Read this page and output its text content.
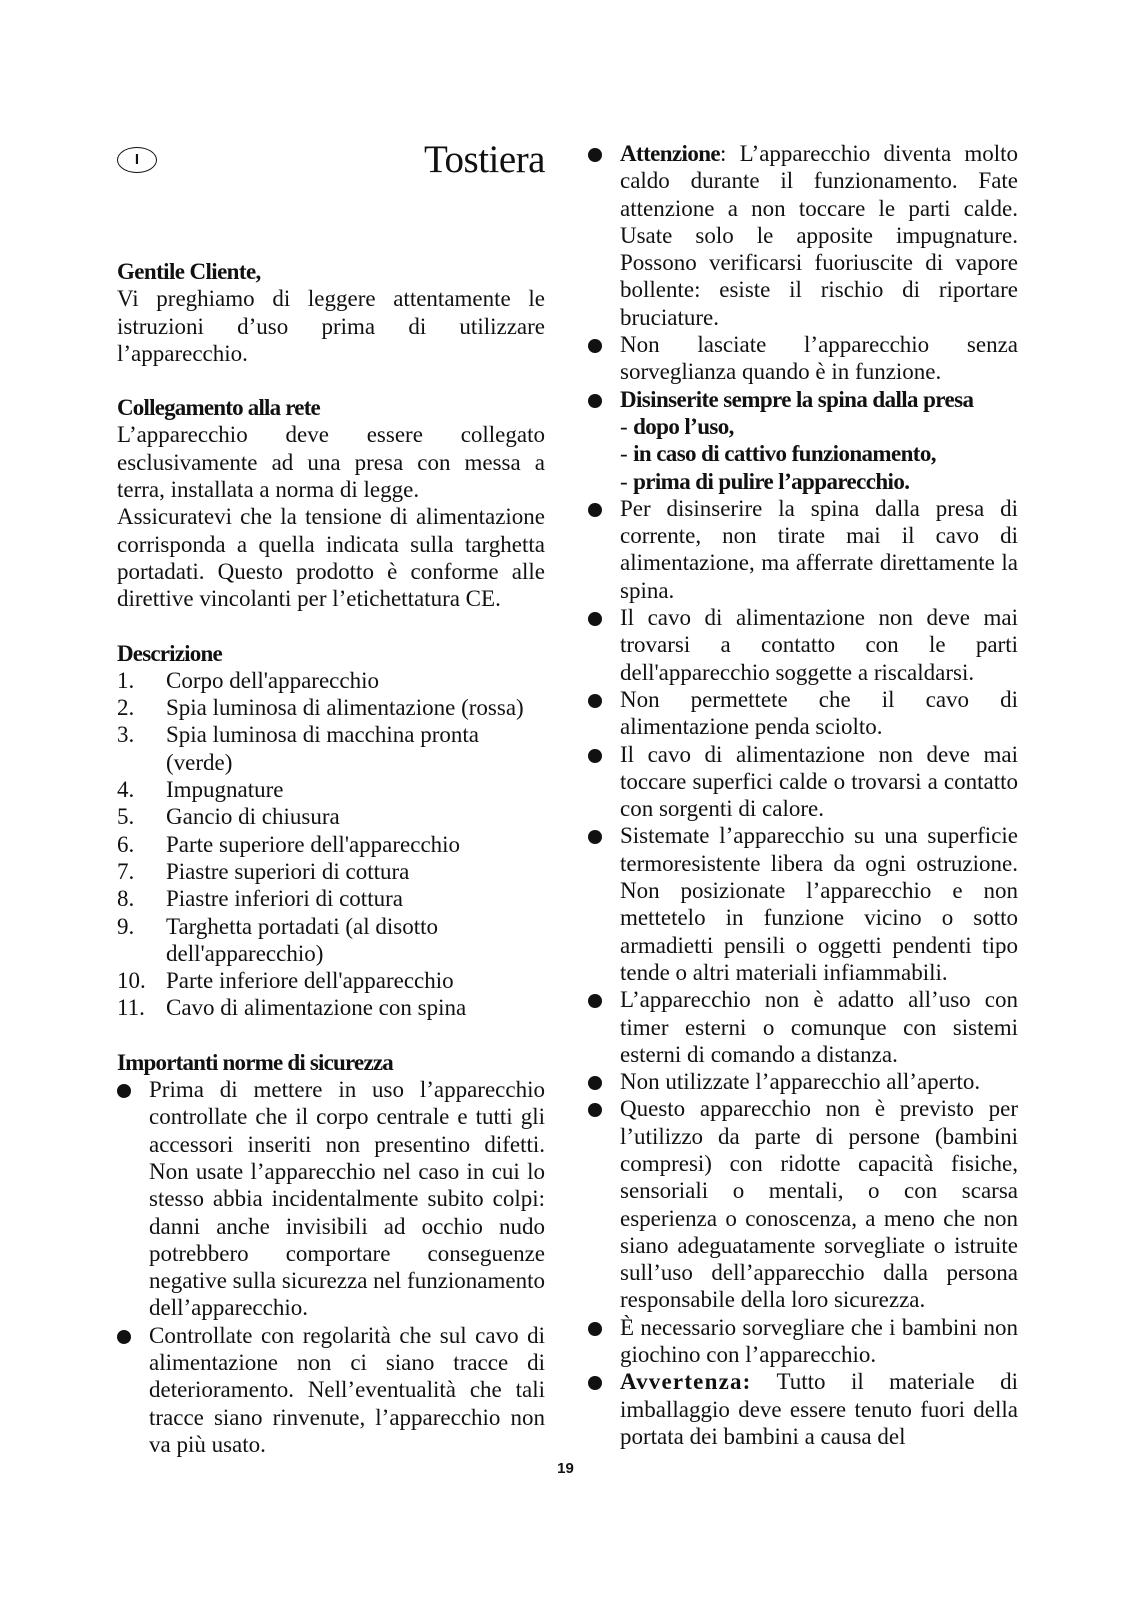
I	Tostiera
Gentile Cliente,

Vi preghiamo di leggere attentamente le istruzioni d’uso prima di utilizzare l’apparecchio.

Collegamento alla rete

L’apparecchio deve essere collegato esclusivamente ad una presa con messa a terra, installata a norma di legge.

Assicuratevi che la tensione di alimentazione corrisponda a quella indicata sulla targhetta portadati. Questo prodotto è conforme alle direttive vincolanti per l’etichettatura CE.

Descrizione
1.	Corpo dell'apparecchio
2.	Spia luminosa di alimentazione (rossa)
3.	Spia luminosa di macchina pronta (verde)
4.	Impugnature
5.	Gancio di chiusura
6.	Parte superiore dell'apparecchio
7.	Piastre superiori di cottura
8.	Piastre inferiori di cottura
9.	Targhetta portadati (al disotto dell'apparecchio)
10. Parte inferiore dell'apparecchio
11. Cavo di alimentazione con spina
Importanti norme di sicurezza
Prima di mettere in uso l’apparecchio controllate che il corpo centrale e tutti gli accessori inseriti non presentino difetti. Non usate l’apparecchio nel caso in cui lo stesso abbia incidentalmente subito colpi: danni anche invisibili ad occhio nudo potrebbero comportare conseguenze negative sulla sicurezza nel funzionamento dell’apparecchio.
Controllate con regolarità che sul cavo di alimentazione non ci siano tracce di deterioramento. Nell’eventualità che tali tracce siano rinvenute, l’apparecchio non va più usato.
Attenzione: L’apparecchio diventa molto caldo durante il funzionamento. Fate attenzione a non toccare le parti calde. Usate solo le apposite impugnature. Possono verificarsi fuoriuscite di vapore bollente: esiste il rischio di riportare bruciature.
Non lasciate l’apparecchio senza sorveglianza quando è in funzione.
Disinserite sempre la spina dalla presa
- dopo l’uso,
- in caso di cattivo funzionamento,
- prima di pulire l’apparecchio.
Per disinserire la spina dalla presa di corrente, non tirate mai il cavo di alimentazione, ma afferrate direttamente la spina.
Il cavo di alimentazione non deve mai trovarsi a contatto con le parti dell'apparecchio soggette a riscaldarsi.
Non permettete che il cavo di alimentazione penda sciolto.
Il cavo di alimentazione non deve mai toccare superfici calde o trovarsi a contatto con sorgenti di calore.
Sistemate l’apparecchio su una superficie termoresistente libera da ogni ostruzione. Non posizionate l’apparecchio e non mettetelo in funzione vicino o sotto armadietti pensili o oggetti pendenti tipo tende o altri materiali infiammabili.
L’apparecchio non è adatto all’uso con timer esterni o comunque con sistemi esterni di comando a distanza.
Non utilizzate l’apparecchio all’aperto.
Questo apparecchio non è previsto per l’utilizzo da parte di persone (bambini compresi) con ridotte capacità fisiche, sensoriali o mentali, o con scarsa esperienza o conoscenza, a meno che non siano adeguatamente sorvegliate o istruite sull’uso dell’apparecchio dalla persona responsabile della loro sicurezza.
È necessario sorvegliare che i bambini non giochino con l’apparecchio.
Avvertenza: Tutto il materiale di imballaggio deve essere tenuto fuori della portata dei bambini a causa del
19
